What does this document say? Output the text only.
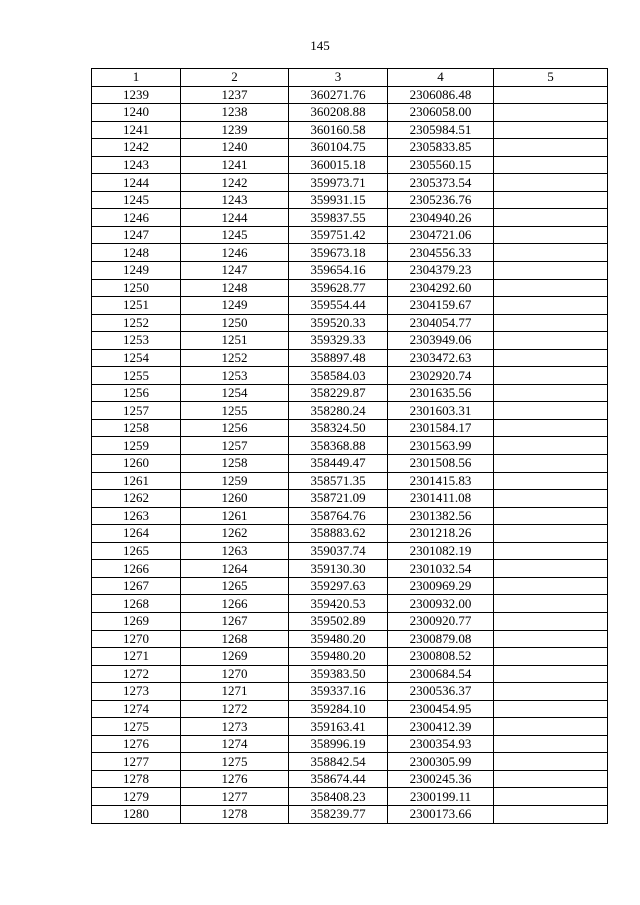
145
1	2	3	4	5
1239	1237	360271.76	2306086.48	
1240	1238	360208.88	2306058.00	
1241	1239	360160.58	2305984.51	
1242	1240	360104.75	2305833.85	
1243	1241	360015.18	2305560.15	
1244	1242	359973.71	2305373.54	
1245	1243	359931.15	2305236.76	
1246	1244	359837.55	2304940.26	
1247	1245	359751.42	2304721.06	
1248	1246	359673.18	2304556.33	
1249	1247	359654.16	2304379.23	
1250	1248	359628.77	2304292.60	
1251	1249	359554.44	2304159.67	
1252	1250	359520.33	2304054.77	
1253	1251	359329.33	2303949.06	
1254	1252	358897.48	2303472.63	
1255	1253	358584.03	2302920.74	
1256	1254	358229.87	2301635.56	
1257	1255	358280.24	2301603.31	
1258	1256	358324.50	2301584.17	
1259	1257	358368.88	2301563.99	
1260	1258	358449.47	2301508.56	
1261	1259	358571.35	2301415.83	
1262	1260	358721.09	2301411.08	
1263	1261	358764.76	2301382.56	
1264	1262	358883.62	2301218.26	
1265	1263	359037.74	2301082.19	
1266	1264	359130.30	2301032.54	
1267	1265	359297.63	2300969.29	
1268	1266	359420.53	2300932.00	
1269	1267	359502.89	2300920.77	
1270	1268	359480.20	2300879.08	
1271	1269	359480.20	2300808.52	
1272	1270	359383.50	2300684.54	
1273	1271	359337.16	2300536.37	
1274	1272	359284.10	2300454.95	
1275	1273	359163.41	2300412.39	
1276	1274	358996.19	2300354.93	
1277	1275	358842.54	2300305.99	
1278	1276	358674.44	2300245.36	
1279	1277	358408.23	2300199.11	
1280	1278	358239.77	2300173.66	
